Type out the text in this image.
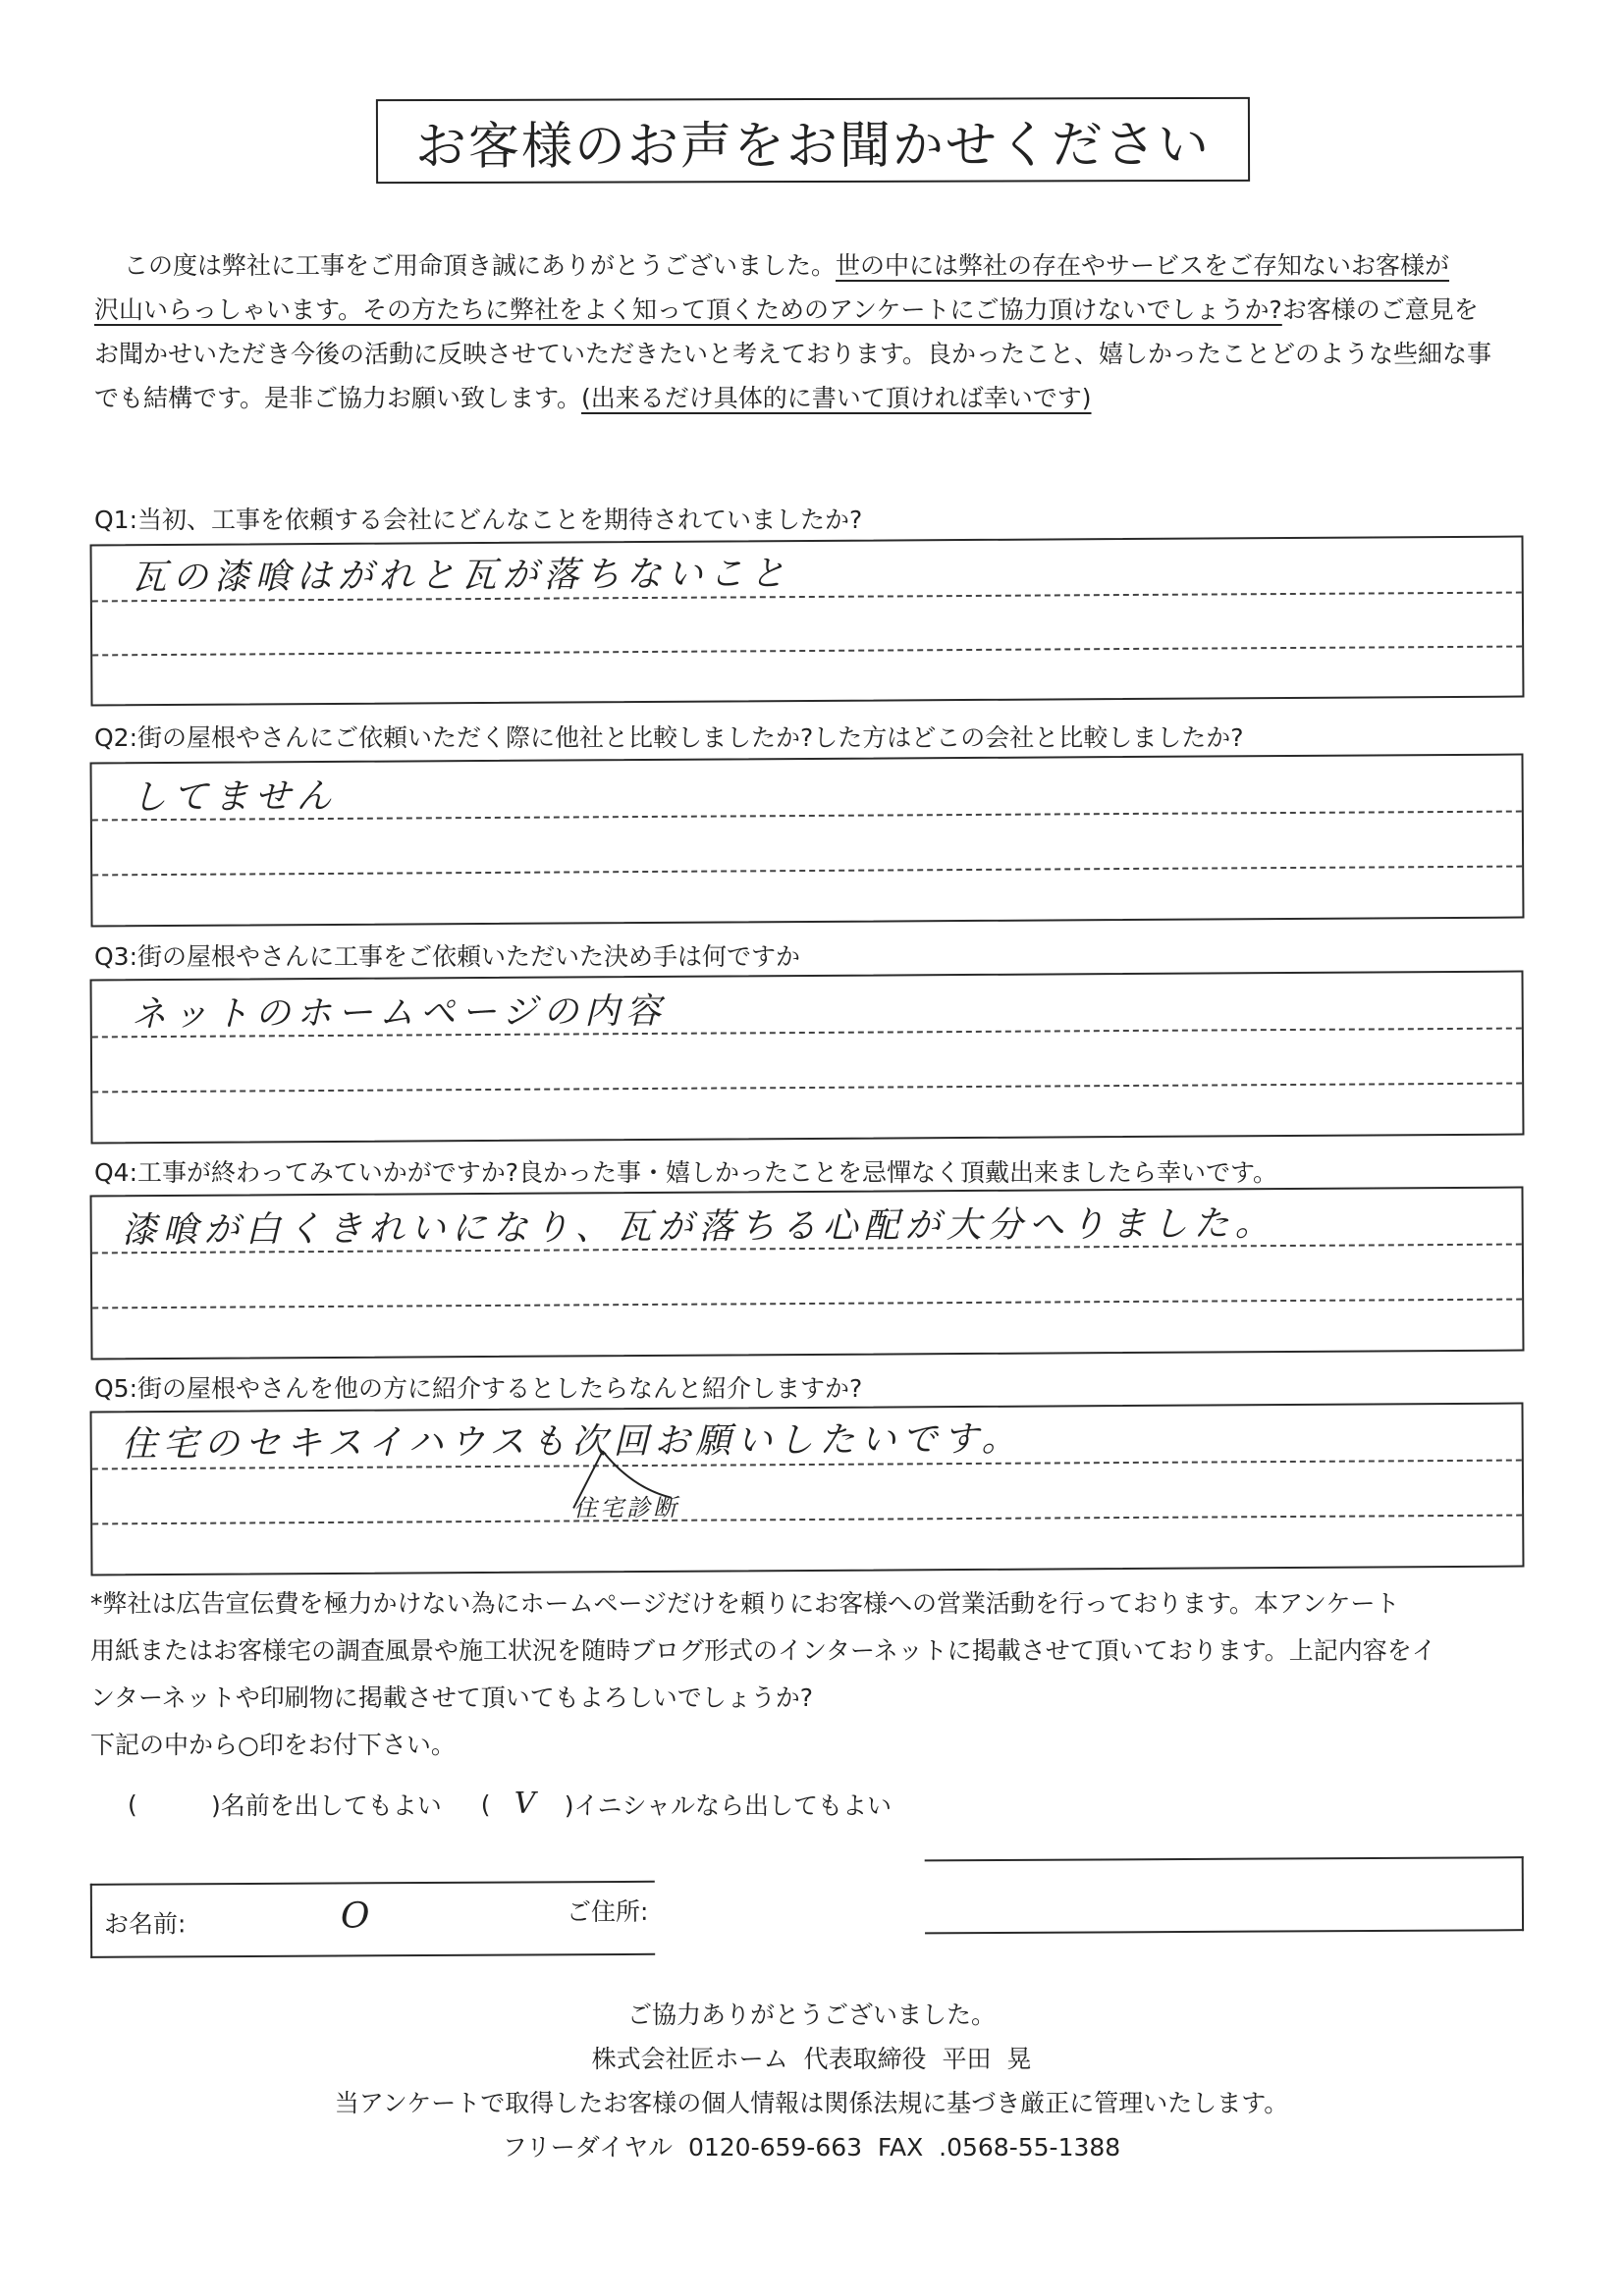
お客様のお声をお聞かせください

この度は弊社に工事をご用命頂き誠にありがとうございました。世の中には弊社の存在やサービスをご存知ないお客様が

沢山いらっしゃいます。その方たちに弊社をよく知って頂くためのアンケートにご協力頂けないでしょうか?お客様のご意見を

お聞かせいただき今後の活動に反映させていただきたいと考えております。良かったこと、嬉しかったことどのような些細な事

でも結構です。是非ご協力お願い致します。(出来るだけ具体的に書いて頂ければ幸いです)

Q1:当初、工事を依頼する会社にどんなことを期待されていましたか?
瓦の漆喰はがれと瓦が落ちないこと
Q2:街の屋根やさんにご依頼いただく際に他社と比較しましたか?した方はどこの会社と比較しましたか?
してません
Q3:街の屋根やさんに工事をご依頼いただいた決め手は何ですか
ネットのホームページの内容
Q4:工事が終わってみていかがですか?良かった事・嬉しかったことを忌憚なく頂戴出来ましたら幸いです。
漆喰が白くきれいになり、瓦が落ちる心配が大分へりました。
Q5:街の屋根やさんを他の方に紹介するとしたらなんと紹介しますか?
住宅のセキスイハウスも次回お願いしたいです。
住宅診断

*弊社は広告宣伝費を極力かけない為にホームページだけを頼りにお客様への営業活動を行っております。本アンケート

用紙またはお客様宅の調査風景や施工状況を随時ブログ形式のインターネットに掲載させて頂いております。上記内容をイ

ンターネットや印刷物に掲載させて頂いてもよろしいでしょうか?

下記の中から○印をお付下さい。

(	)名前を出してもよい ( V )イニシャルなら出してもよい
お名前:	O	ご住所:
ご協力ありがとうございました。
株式会社匠ホーム  代表取締役  平田  晃
当アンケートで取得したお客様の個人情報は関係法規に基づき厳正に管理いたします。
フリーダイヤル  0120-659-663  FAX  .0568-55-1388
